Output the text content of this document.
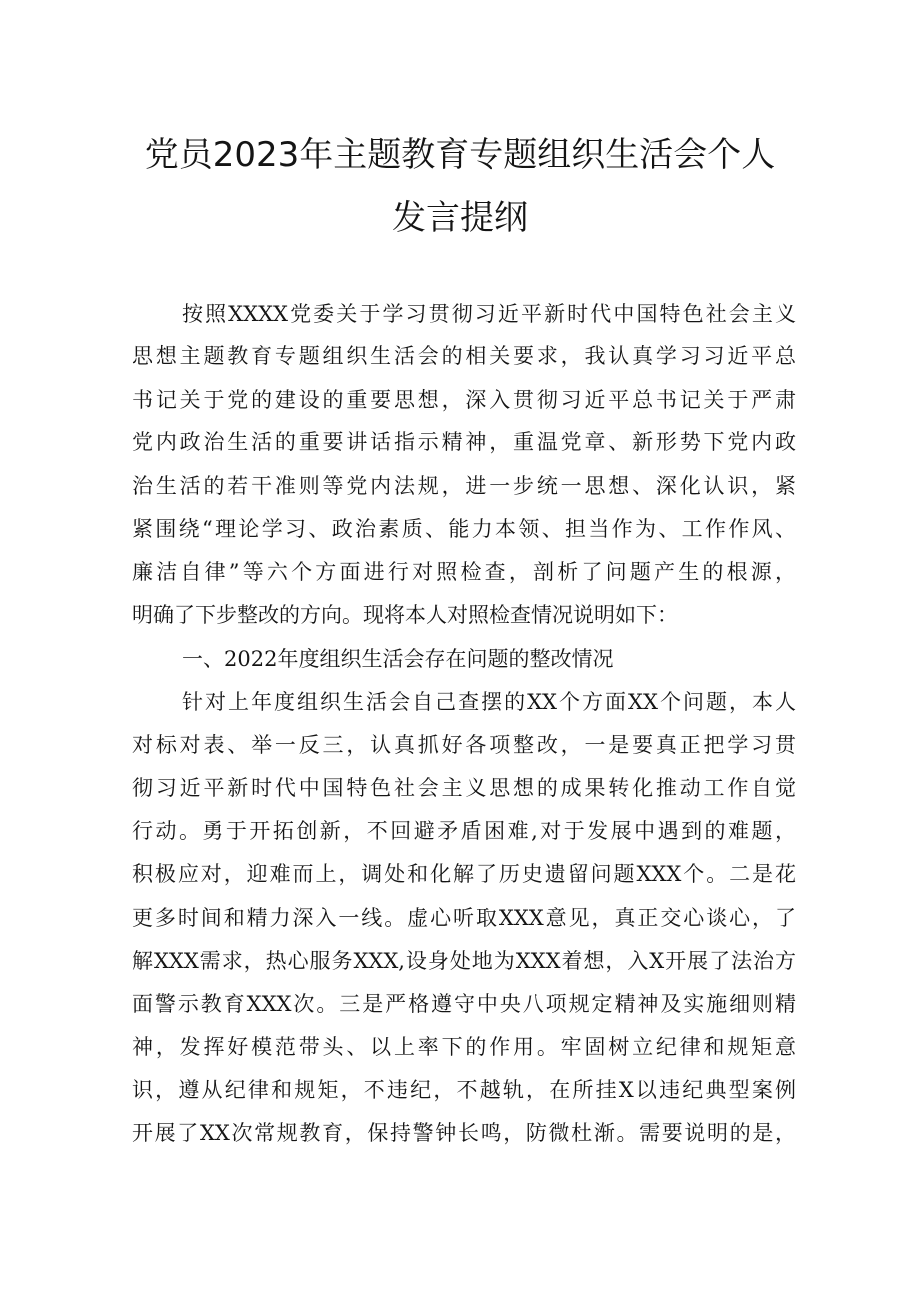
党员2023年主题教育专题组织生活会个人
发言提纲
按照XXXX党委关于学习贯彻习近平新时代中国特色社会主义
思想主题教育专题组织生活会的相关要求，我认真学习习近平总
书记关于党的建设的重要思想，深入贯彻习近平总书记关于严肃
党内政治生活的重要讲话指示精神，重温党章、新形势下党内政
治生活的若干准则等党内法规，进一步统一思想、深化认识，紧
紧围绕“理论学习、政治素质、能力本领、担当作为、工作作风、
廉洁自律”等六个方面进行对照检查，剖析了问题产生的根源，
明确了下步整改的方向。现将本人对照检查情况说明如下：
一、2022年度组织生活会存在问题的整改情况
针对上年度组织生活会自己查摆的XX个方面XX个问题，本人
对标对表、举一反三，认真抓好各项整改，一是要真正把学习贯
彻习近平新时代中国特色社会主义思想的成果转化推动工作自觉
行动。勇于开拓创新，不回避矛盾困难,对于发展中遇到的难题，
积极应对，迎难而上，调处和化解了历史遗留问题XXX个。二是花
更多时间和精力深入一线。虚心听取XXX意见，真正交心谈心，了
解XXX需求，热心服务XXX,设身处地为XXX着想，入X开展了法治方
面警示教育XXX次。三是严格遵守中央八项规定精神及实施细则精
神，发挥好模范带头、以上率下的作用。牢固树立纪律和规矩意
识，遵从纪律和规矩，不违纪，不越轨，在所挂X以违纪典型案例
开展了XX次常规教育，保持警钟长鸣，防微杜渐。需要说明的是，
